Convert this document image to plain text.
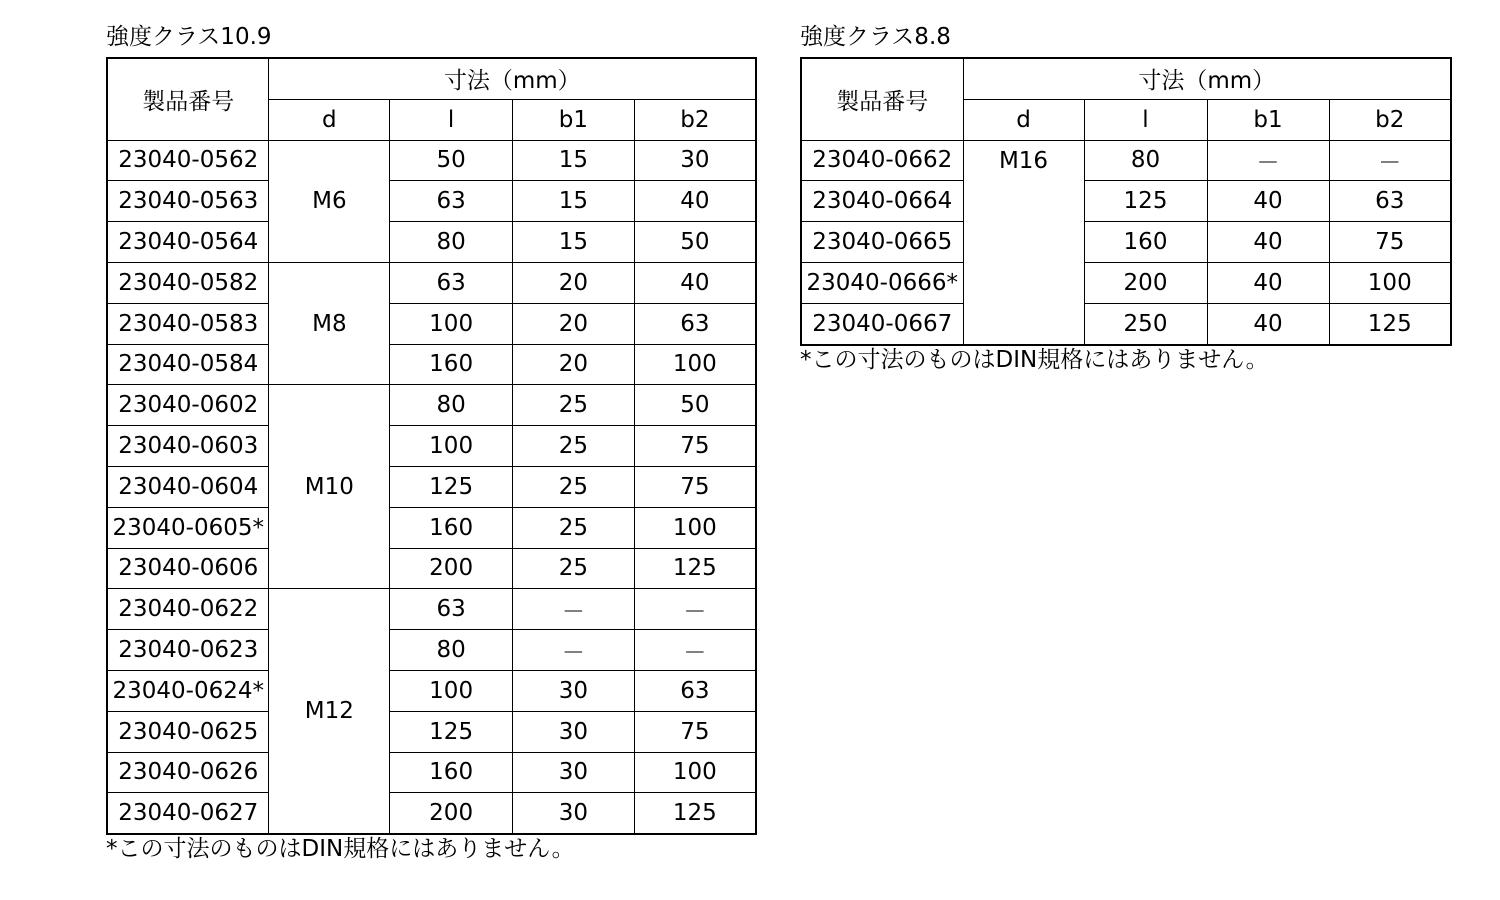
強度クラス10.9
製品番号	寸法（mm）			
	d	l	b1	b2
23040-0562	M6	50	15	30
23040-0563		63	15	40
23040-0564		80	15	50
23040-0582	M8	63	20	40
23040-0583		100	20	63
23040-0584		160	20	100
23040-0602	M10	80	25	50
23040-0603		100	25	75
23040-0604		125	25	75
23040-0605*		160	25	100
23040-0606		200	25	125
23040-0622	M12	63	－	－
23040-0623		80	－	－
23040-0624*		100	30	63
23040-0625		125	30	75
23040-0626		160	30	100
23040-0627		200	30	125
*この寸法のものはDIN規格にはありません。
強度クラス8.8
製品番号	寸法（mm）			
	d	l	b1	b2
23040-0662	M16	80	－	－
23040-0664		125	40	63
23040-0665		160	40	75
23040-0666*		200	40	100
23040-0667		250	40	125
*この寸法のものはDIN規格にはありません。
